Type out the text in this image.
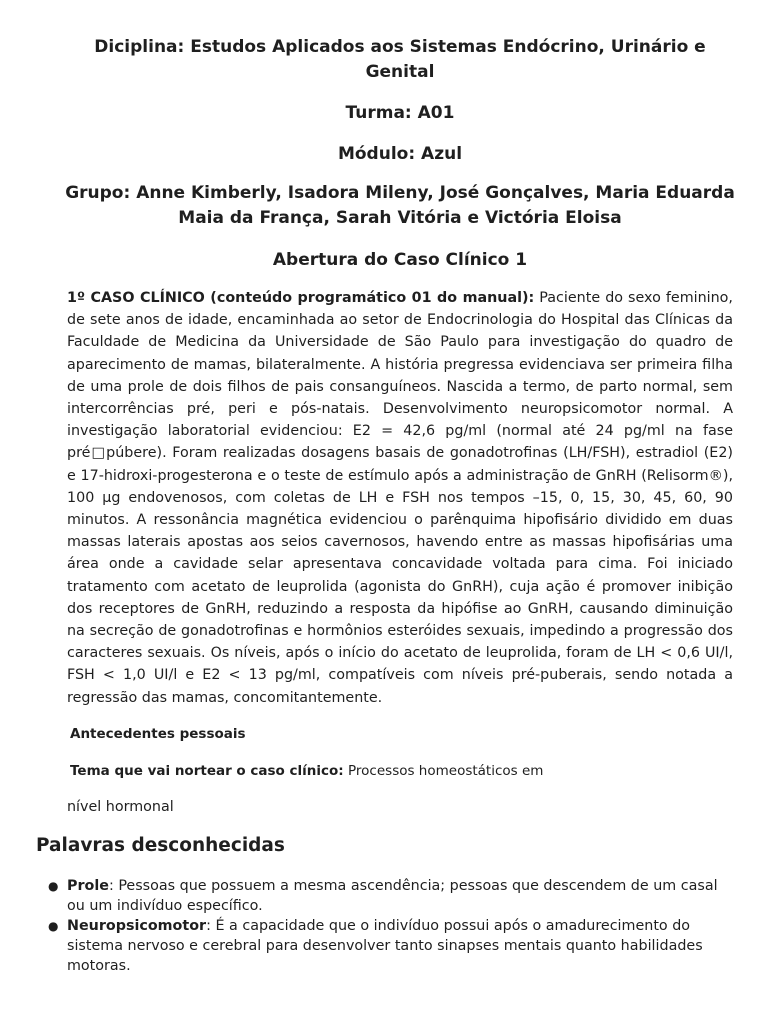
Diciplina: Estudos Aplicados aos Sistemas Endócrino, Urinário e Genital
Turma: A01
Módulo: Azul
Grupo: Anne Kimberly, Isadora Mileny, José Gonçalves, Maria Eduarda Maia da França, Sarah Vitória e Victória Eloisa
Abertura do Caso Clínico 1

1º CASO CLÍNICO (conteúdo programático 01 do manual): Paciente do sexo feminino, de sete anos de idade, encaminhada ao setor de Endocrinologia do Hospital das Clínicas da Faculdade de Medicina da Universidade de São Paulo para investigação do quadro de aparecimento de mamas, bilateralmente. A história pregressa evidenciava ser primeira filha de uma prole de dois filhos de pais consanguíneos. Nascida a termo, de parto normal, sem intercorrências pré, peri e pós-natais. Desenvolvimento neuropsicomotor normal. A investigação laboratorial evidenciou: E2 = 42,6 pg/ml (normal até 24 pg/ml na fase pré□púbere). Foram realizadas dosagens basais de gonadotrofinas (LH/FSH), estradiol (E2) e 17-hidroxi-progesterona e o teste de estímulo após a administração de GnRH (Relisorm®), 100 µg endovenosos, com coletas de LH e FSH nos tempos –15, 0, 15, 30, 45, 60, 90 minutos. A ressonância magnética evidenciou o parênquima hipofisário dividido em duas massas laterais apostas aos seios cavernosos, havendo entre as massas hipofisárias uma área onde a cavidade selar apresentava concavidade voltada para cima. Foi iniciado tratamento com acetato de leuprolida (agonista do GnRH), cuja ação é promover inibição dos receptores de GnRH, reduzindo a resposta da hipófise ao GnRH, causando diminuição na secreção de gonadotrofinas e hormônios esteróides sexuais, impedindo a progressão dos caracteres sexuais. Os níveis, após o início do acetato de leuprolida, foram de LH < 0,6 UI/l, FSH < 1,0 UI/l e E2 < 13 pg/ml, compatíveis com níveis pré-puberais, sendo notada a regressão das mamas, concomitantemente.

Antecedentes pessoais

Tema que vai nortear o caso clínico: Processos homeostáticos em

nível hormonal

Palavras desconhecidas
● Prole: Pessoas que possuem a mesma ascendência; pessoas que descendem de um casal ou um indivíduo específico.
● Neuropsicomotor: É a capacidade que o indivíduo possui após o amadurecimento do sistema nervoso e cerebral para desenvolver tanto sinapses mentais quanto habilidades motoras.
